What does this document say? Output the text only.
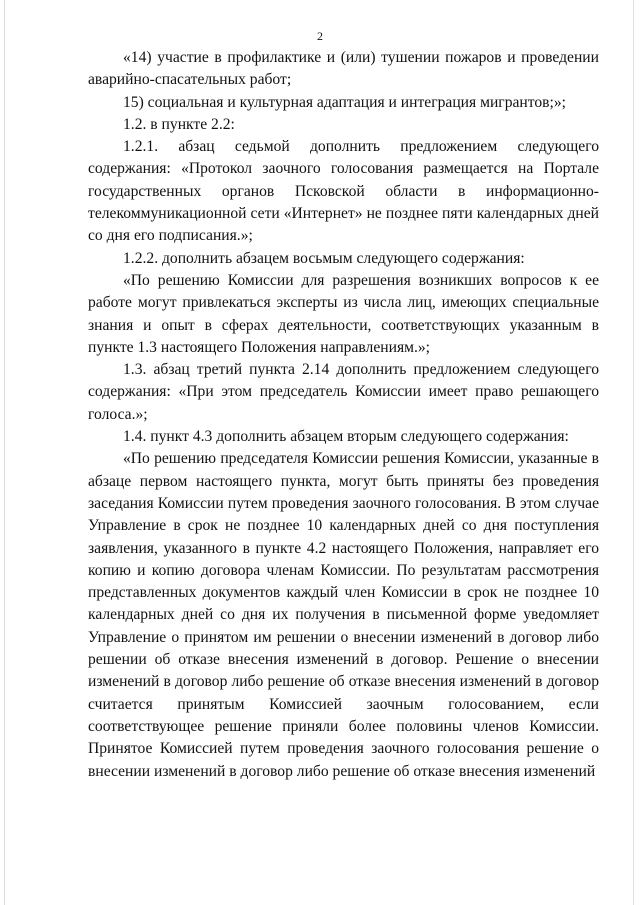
2

«14) участие в профилактике и (или) тушении пожаров и проведении аварийно-спасательных работ;

15) социальная и культурная адаптация и интеграция мигрантов;»;

1.2. в пункте 2.2:

1.2.1. абзац седьмой дополнить предложением следующего содержания: «Протокол заочного голосования размещается на Портале государственных органов Псковской области в информационно-телекоммуникационной сети «Интернет» не позднее пяти календарных дней со дня его подписания.»;

1.2.2. дополнить абзацем восьмым следующего содержания:

«По решению Комиссии для разрешения возникших вопросов к ее работе могут привлекаться эксперты из числа лиц, имеющих специальные знания и опыт в сферах деятельности, соответствующих указанным в пункте 1.3 настоящего Положения направлениям.»;

1.3. абзац третий пункта 2.14 дополнить предложением следующего содержания: «При этом председатель Комиссии имеет право решающего голоса.»;

1.4. пункт 4.3 дополнить абзацем вторым следующего содержания:

«По решению председателя Комиссии решения Комиссии, указанные в абзаце первом настоящего пункта, могут быть приняты без проведения заседания Комиссии путем проведения заочного голосования. В этом случае Управление в срок не позднее 10 календарных дней со дня поступления заявления, указанного в пункте 4.2 настоящего Положения, направляет его копию и копию договора членам Комиссии. По результатам рассмотрения представленных документов каждый член Комиссии в срок не позднее 10 календарных дней со дня их получения в письменной форме уведомляет Управление о принятом им решении о внесении изменений в договор либо решении об отказе внесения изменений в договор. Решение о внесении изменений в договор либо решение об отказе внесения изменений в договор считается принятым Комиссией заочным голосованием, если соответствующее решение приняли более половины членов Комиссии. Принятое Комиссией путем проведения заочного голосования решение о внесении изменений в договор либо решение об отказе внесения изменений
